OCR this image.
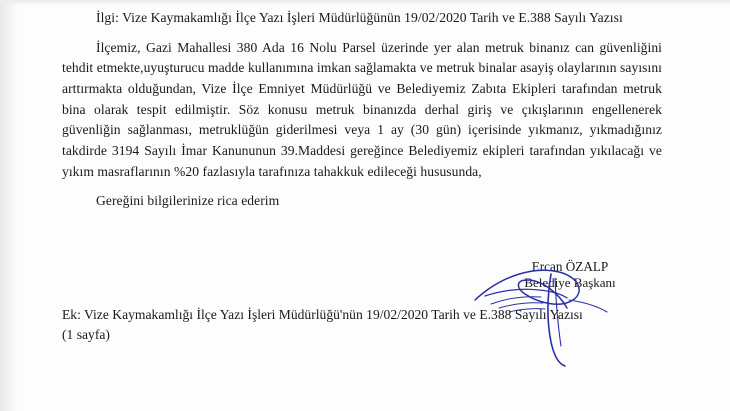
İlgi: Vize Kaymakamlığı İlçe Yazı İşleri Müdürlüğünün 19/02/2020 Tarih ve E.388 Sayılı Yazısı

İlçemiz, Gazi Mahallesi 380 Ada 16 Nolu Parsel üzerinde yer alan metruk binanız can güvenliğini tehdit etmekte,uyuşturucu madde kullanımına imkan sağlamakta ve metruk binalar asayiş olaylarının sayısını arttırmakta olduğundan, Vize İlçe Emniyet Müdürlüğü ve Belediyemiz Zabıta Ekipleri tarafından metruk bina olarak tespit edilmiştir. Söz konusu metruk binanızda derhal giriş ve çıkışlarının engellenerek güvenliğin sağlanması, metruklüğün giderilmesi veya 1 ay (30 gün) içerisinde yıkmanız, yıkmadığınız takdirde 3194 Sayılı İmar Kanununun 39.Maddesi gereğince Belediyemiz ekipleri tarafından yıkılacağı ve yıkım masraflarının %20 fazlasıyla tarafınıza tahakkuk edileceği hususunda,

Gereğini bilgilerinize rica ederim

Ercan ÖZALP
Belediye Başkanı

Ek: Vize Kaymakamlığı İlçe Yazı İşleri Müdürlüğü'nün 19/02/2020 Tarih ve E.388 Sayılı Yazısı

(1 sayfa)
